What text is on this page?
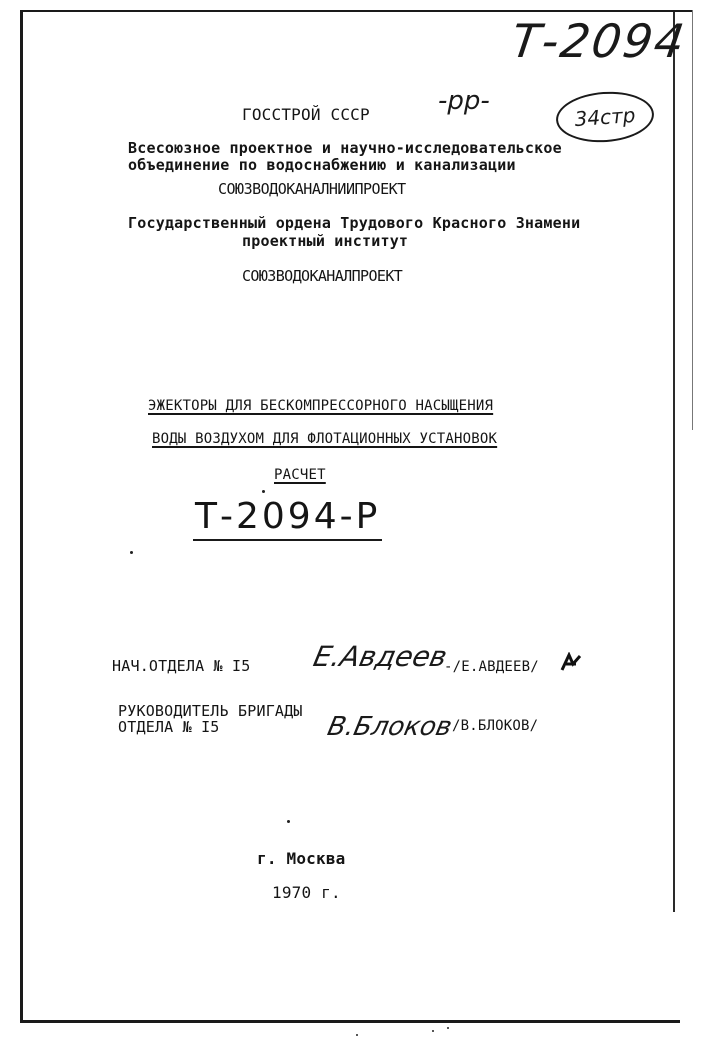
Т-2094
-рр-
34стр
ГОССТРОЙ СССР
Всесоюзное проектное и научно-исследовательское
объединение по водоснабжению и канализации
СОЮЗВОДОКАНАЛНИИПРОЕКТ
Государственный ордена Трудового Красного Знамени
проектный институт
СОЮЗВОДОКАНАЛПРОЕКТ
ЭЖЕКТОРЫ ДЛЯ БЕСКОМПРЕССОРНОГО НАСЫЩЕНИЯ
ВОДЫ ВОЗДУХОМ ДЛЯ ФЛОТАЦИОННЫХ УСТАНОВОК
РАСЧЕТ
Т-2094-Р
НАЧ.ОТДЕЛА № I5 Е.Авдеев
-/Е.АВДЕЕВ/
РУКОВОДИТЕЛЬ БРИГАДЫ
ОТДЕЛА № I5	В.Блоков
/В.БЛОКОВ/
г. Москва
1970 г.
